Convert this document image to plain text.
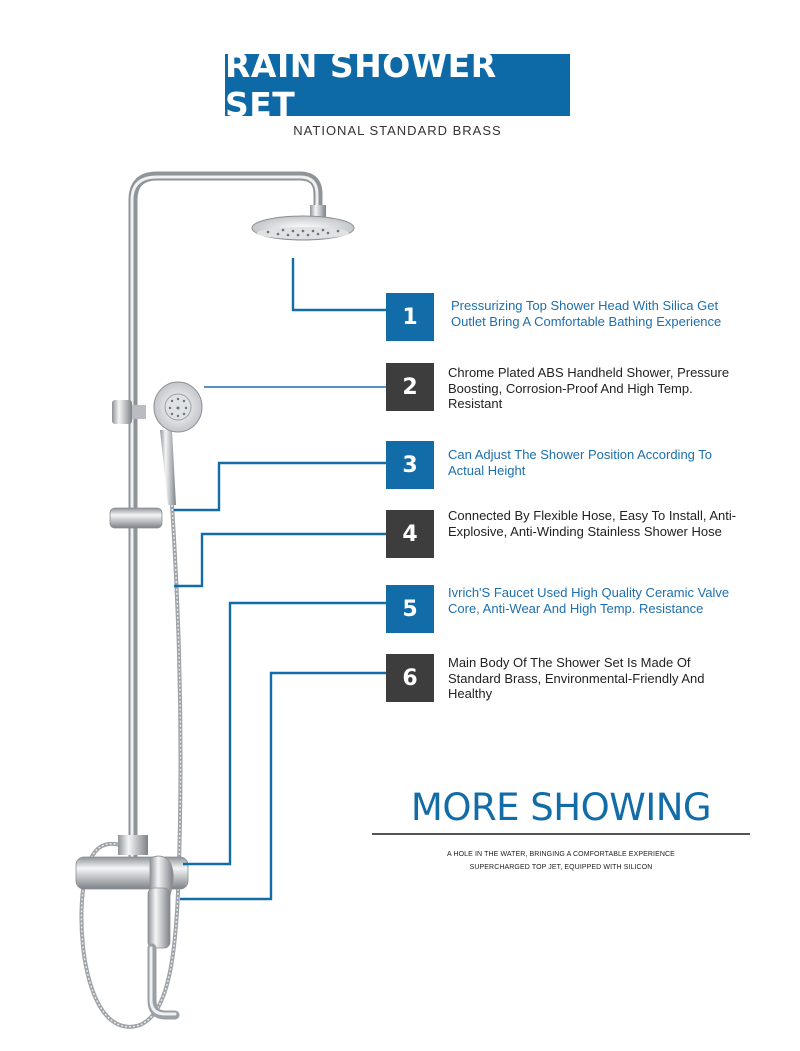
RAIN SHOWER SET
NATIONAL STANDARD BRASS
1
2
3
4
5
6
Pressurizing Top Shower Head With Silica Get Outlet Bring A Comfortable Bathing Experience
Chrome Plated ABS Handheld Shower, Pressure Boosting, Corrosion-Proof And High Temp. Resistant
Can Adjust The Shower Position According To Actual Height
Connected By Flexible Hose, Easy To Install, Anti-Explosive, Anti-Winding Stainless Shower Hose
Ivrich'S Faucet Used High Quality Ceramic Valve Core, Anti-Wear And High Temp. Resistance
Main Body Of The Shower Set Is Made Of Standard Brass, Environmental-Friendly And Healthy
MORE SHOWING
A HOLE IN THE WATER, BRINGING A COMFORTABLE EXPERIENCE
SUPERCHARGED TOP JET, EQUIPPED WITH SILICON
